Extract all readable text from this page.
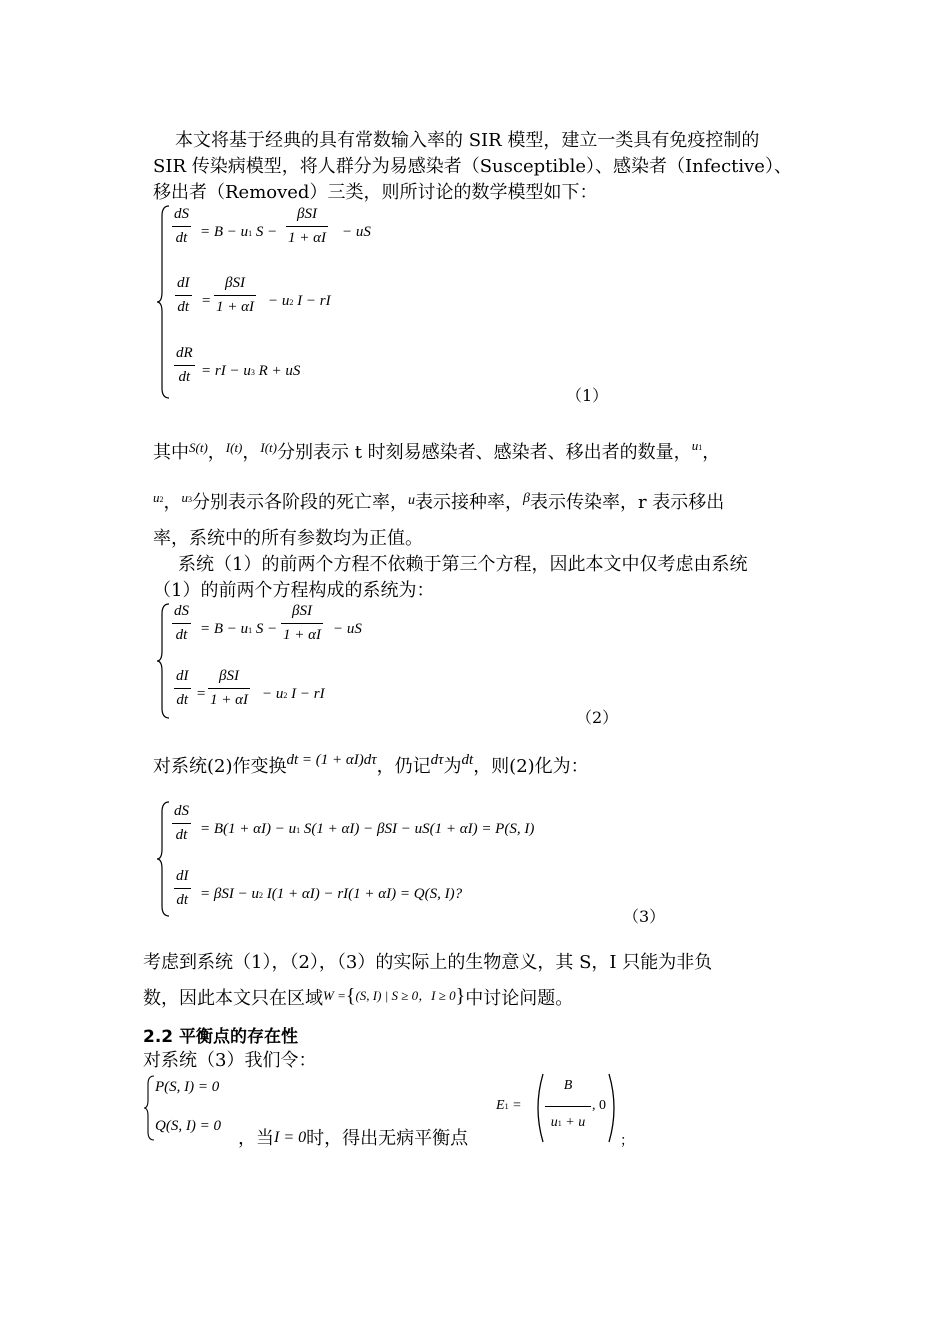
本文将基于经典的具有常数输入率的 SIR 模型，建立一类具有免疫控制的
SIR 传染病模型，将人群分为易感染者（Susceptible）、感染者（Infective）、
移出者（Removed）三类，则所讨论的数学模型如下：
dS
dt = B − u1 S −
βSI
1 + αI − uS
dI
dt =
βSI
1 + αI − u2 I − rI
dR
dt = rI − u3 R + uS
（1）
其中$^{S(t)}$，$^{I(t)}$，$^{I(t)}$分别表示 t 时刻易感染者、感染者、移出者的数量，$^{u1}$，
$^{u2}$，$^{u3}$分别表示各阶段的死亡率，$^u$表示接种率，$^\beta$表示传染率，r 表示移出
率，系统中的所有参数均为正值。
系统（1）的前两个方程不依赖于第三个方程，因此本文中仅考虑由系统
（1）的前两个方程构成的系统为：
dS
dt = B − u1 S −
βSI
1 + αI − uS
dI
dt =
βSI
1 + αI − u2 I − rI
（2）
对系统(2)作变换$^{dt = (1 + \alpha I)d\tau}$，仍记$^{d\tau}$为$^{dt}$，则(2)化为：
dS
dt = B(1 + αI) − u1 S(1 + αI) − βSI − uS(1 + αI) = P(S, I)
dI
dt = βSI − u2 I(1 + αI) − rI(1 + αI) = Q(S, I)?
（3）
考虑到系统（1），（2），（3）的实际上的生物意义，其 S，I 只能为非负
数，因此本文只在区域$^{W =}${$^{(S, I) | S \ge 0,I \ge 0}$}中讨论问题。
2.2 平衡点的存在性
对系统（3）我们令：
P(S, I) = 0
Q(S, I) = 0
，当I = 0时，得出无病平衡点
E1 =
B
u1 + u
, 0
；
